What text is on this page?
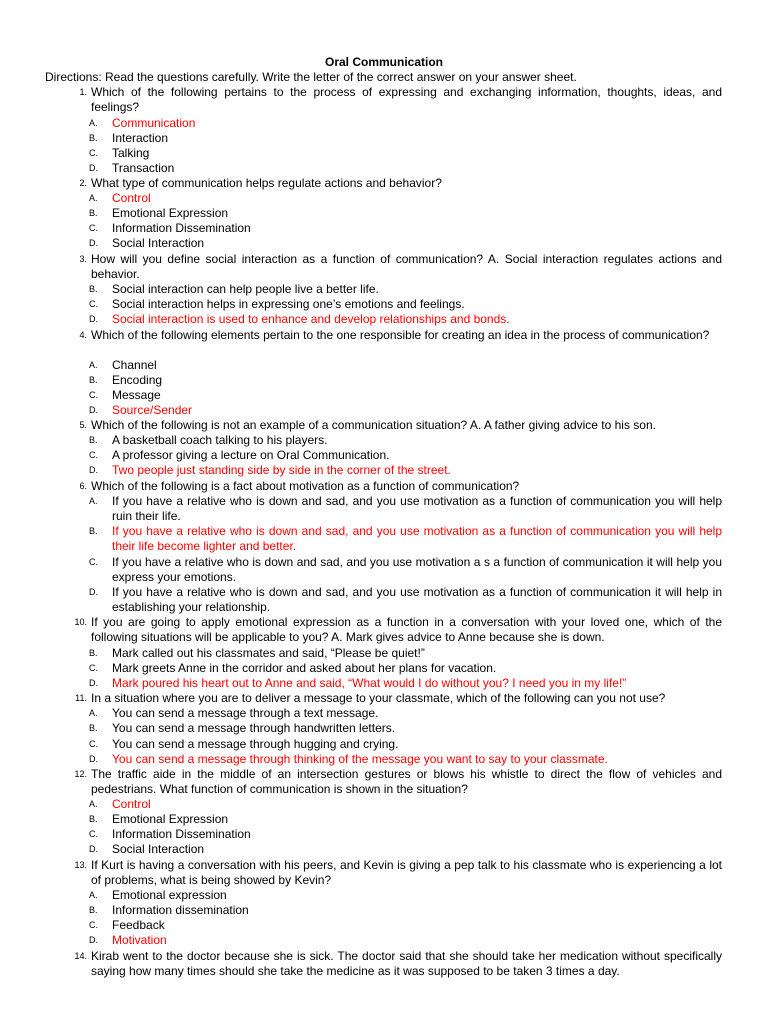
Oral Communication
Directions: Read the questions carefully. Write the letter of the correct answer on your answer sheet.
1. Which of the following pertains to the process of expressing and exchanging information, thoughts, ideas, and feelings?
A. Communication
B. Interaction
C. Talking
D. Transaction
2. What type of communication helps regulate actions and behavior?
A. Control
B. Emotional Expression
C. Information Dissemination
D. Social Interaction
3. How will you define social interaction as a function of communication? A. Social interaction regulates actions and behavior.
B. Social interaction can help people live a better life.
C. Social interaction helps in expressing one’s emotions and feelings.
D. Social interaction is used to enhance and develop relationships and bonds.
4. Which of the following elements pertain to the one responsible for creating an idea in the process of communication?
A. Channel
B. Encoding
C. Message
D. Source/Sender
5. Which of the following is not an example of a communication situation? A. A father giving advice to his son.
B. A basketball coach talking to his players.
C. A professor giving a lecture on Oral Communication.
D. Two people just standing side by side in the corner of the street.
6. Which of the following is a fact about motivation as a function of communication?
A. If you have a relative who is down and sad, and you use motivation as a function of communication you will help ruin their life.
B. If you have a relative who is down and sad, and you use motivation as a function of communication you will help their life become lighter and better.
C. If you have a relative who is down and sad, and you use motivation a s a function of communication it will help you express your emotions.
D. If you have a relative who is down and sad, and you use motivation as a function of communication it will help in establishing your relationship.
10. If you are going to apply emotional expression as a function in a conversation with your loved one, which of the following situations will be applicable to you? A. Mark gives advice to Anne because she is down.
B. Mark called out his classmates and said, “Please be quiet!”
C. Mark greets Anne in the corridor and asked about her plans for vacation.
D. Mark poured his heart out to Anne and said, “What would I do without you? I need you in my life!”
11. In a situation where you are to deliver a message to your classmate, which of the following can you not use?
A. You can send a message through a text message.
B. You can send a message through handwritten letters.
C. You can send a message through hugging and crying.
D. You can send a message through thinking of the message you want to say to your classmate.
12. The traffic aide in the middle of an intersection gestures or blows his whistle to direct the flow of vehicles and pedestrians. What function of communication is shown in the situation?
A. Control
B. Emotional Expression
C. Information Dissemination
D. Social Interaction
13. If Kurt is having a conversation with his peers, and Kevin is giving a pep talk to his classmate who is experiencing a lot of problems, what is being showed by Kevin?
A. Emotional expression
B. Information dissemination
C. Feedback
D. Motivation
14. Kirab went to the doctor because she is sick. The doctor said that she should take her medication without specifically saying how many times should she take the medicine as it was supposed to be taken 3 times a day.
